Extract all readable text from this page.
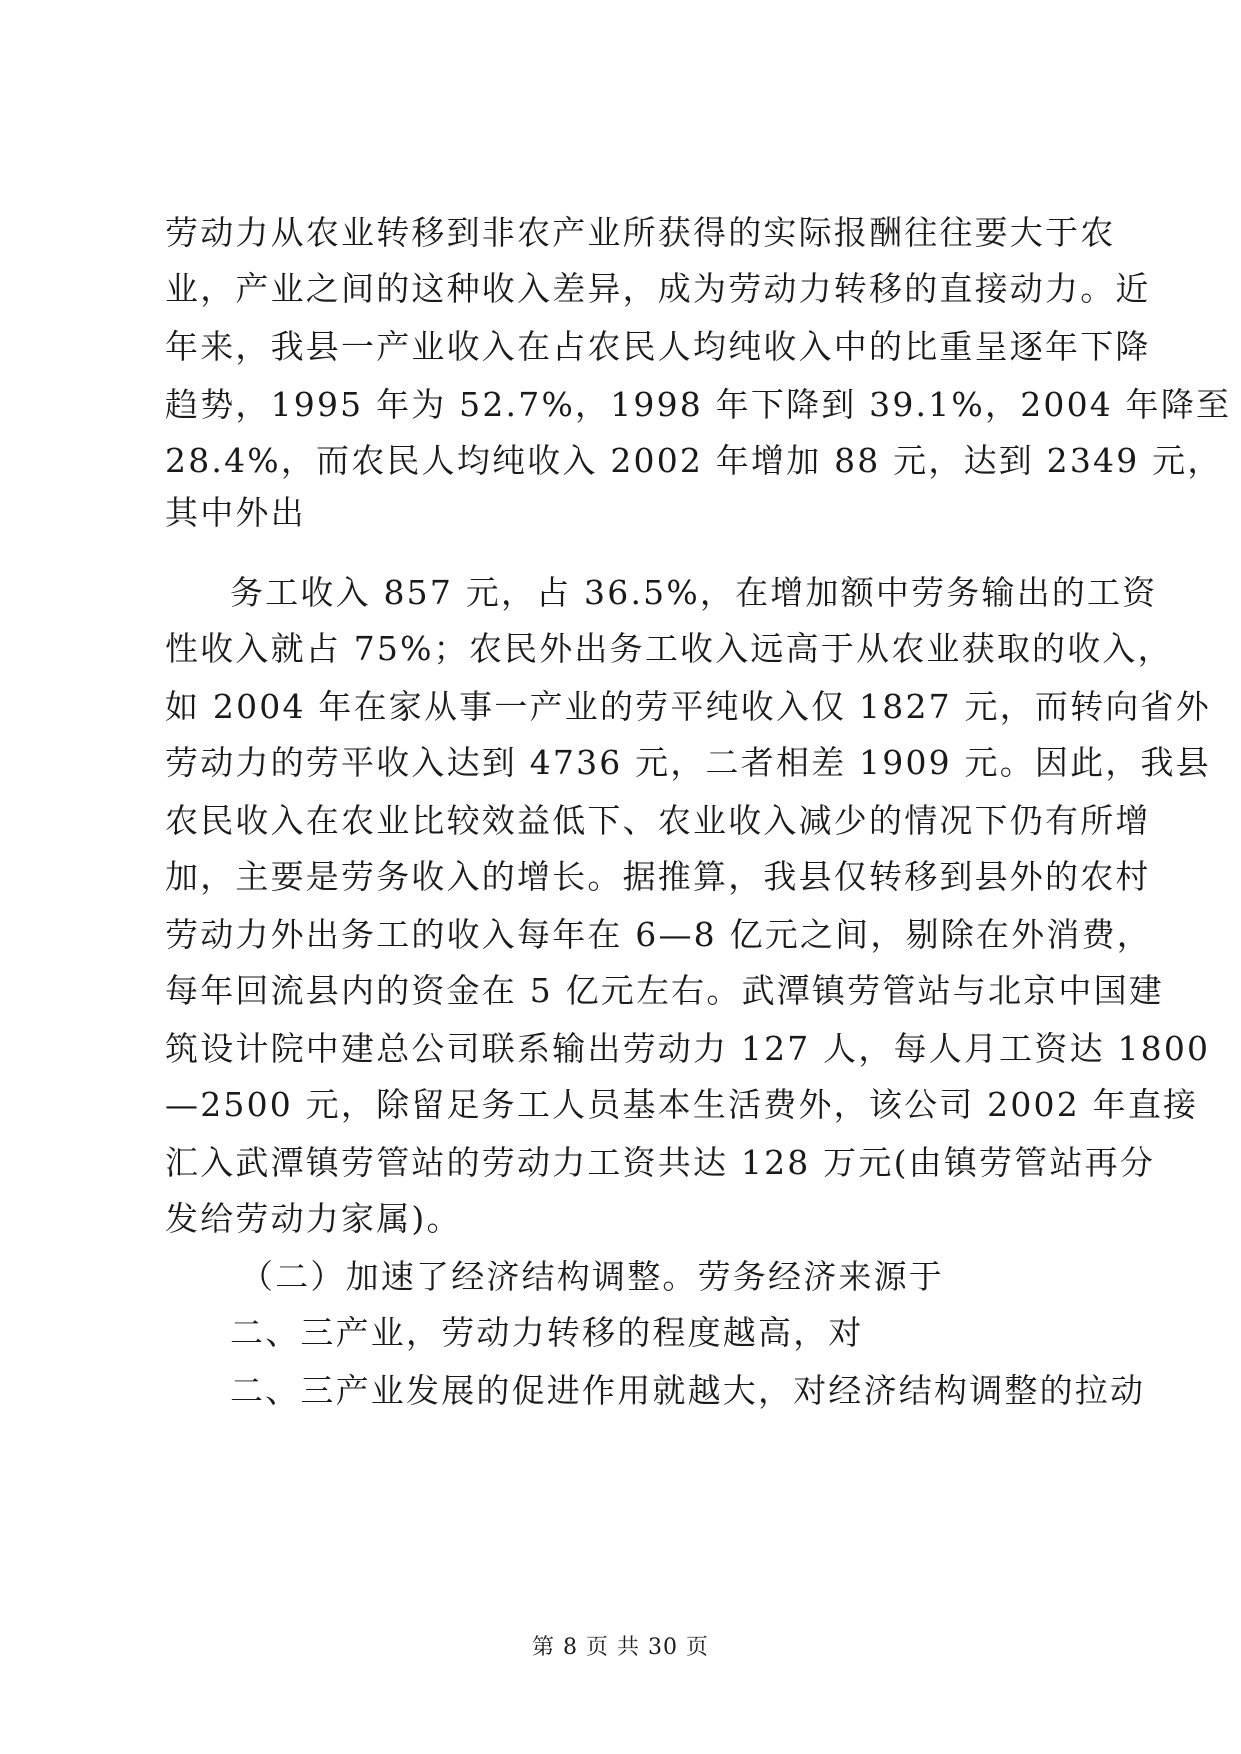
劳动力从农业转移到非农产业所获得的实际报酬往往要大于农
业，产业之间的这种收入差异，成为劳动力转移的直接动力。近
年来，我县一产业收入在占农民人均纯收入中的比重呈逐年下降
趋势，1995 年为 52.7%，1998 年下降到 39.1%，2004 年降至
28.4%，而农民人均纯收入 2002 年增加 88 元，达到 2349 元，
其中外出
务工收入 857 元，占 36.5%，在增加额中劳务输出的工资
性收入就占 75%；农民外出务工收入远高于从农业获取的收入，
如 2004 年在家从事一产业的劳平纯收入仅 1827 元，而转向省外
劳动力的劳平收入达到 4736 元，二者相差 1909 元。因此，我县
农民收入在农业比较效益低下、农业收入减少的情况下仍有所增
加，主要是劳务收入的增长。据推算，我县仅转移到县外的农村
劳动力外出务工的收入每年在 6—8 亿元之间，剔除在外消费，
每年回流县内的资金在 5 亿元左右。武潭镇劳管站与北京中国建
筑设计院中建总公司联系输出劳动力 127 人，每人月工资达 1800
—2500 元，除留足务工人员基本生活费外，该公司 2002 年直接
汇入武潭镇劳管站的劳动力工资共达 128 万元(由镇劳管站再分
发给劳动力家属)。
（二）加速了经济结构调整。劳务经济来源于
二、三产业，劳动力转移的程度越高，对
二、三产业发展的促进作用就越大，对经济结构调整的拉动
第 8 页 共 30 页
